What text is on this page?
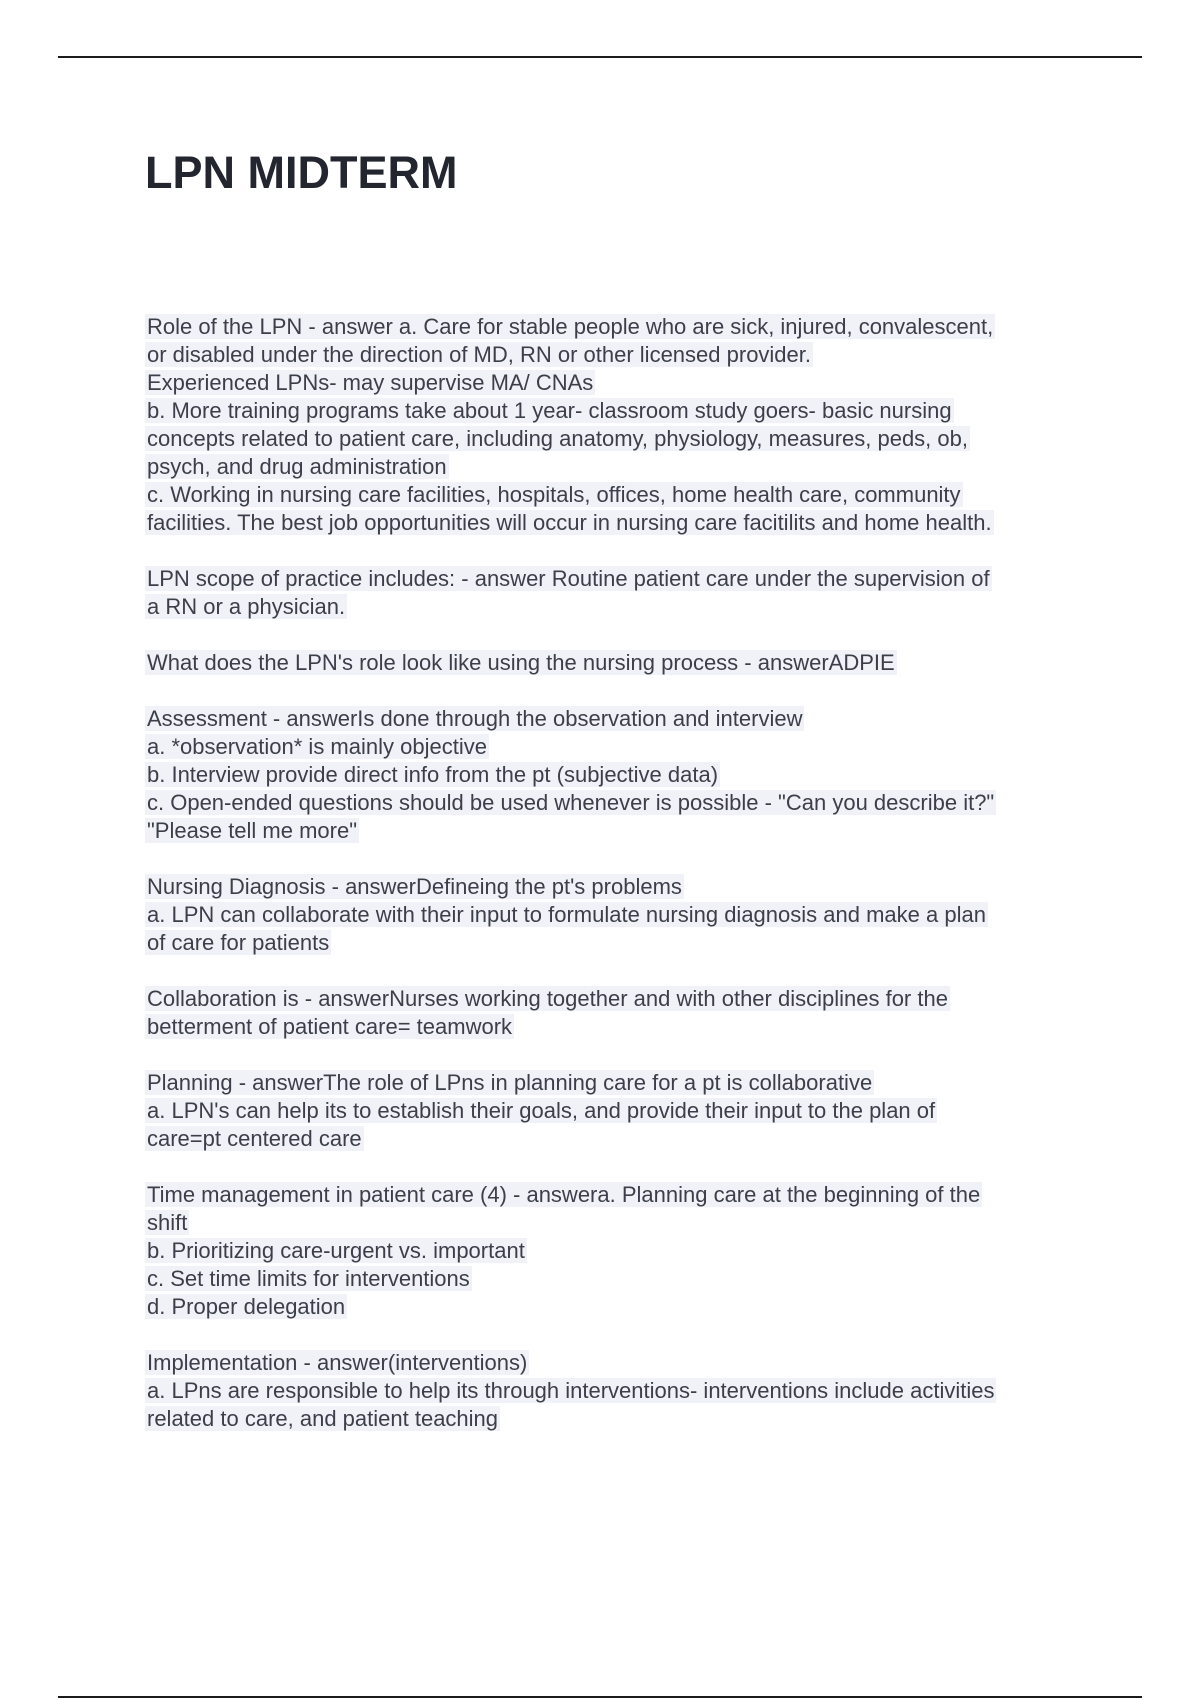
LPN MIDTERM
Role of the LPN - answer a. Care for stable people who are sick, injured, convalescent,
or disabled under the direction of MD, RN or other licensed provider.
Experienced LPNs- may supervise MA/ CNAs
b. More training programs take about 1 year- classroom study goers- basic nursing
concepts related to patient care, including anatomy, physiology, measures, peds, ob,
psych, and drug administration
c. Working in nursing care facilities, hospitals, offices, home health care, community
facilities. The best job opportunities will occur in nursing care facitilits and home health.
LPN scope of practice includes: - answer Routine patient care under the supervision of
a RN or a physician.
What does the LPN's role look like using the nursing process - answerADPIE
Assessment - answerIs done through the observation and interview
a. *observation* is mainly objective
b. Interview provide direct info from the pt (subjective data)
c. Open-ended questions should be used whenever is possible - "Can you describe it?"
"Please tell me more"
Nursing Diagnosis - answerDefineing the pt's problems
a. LPN can collaborate with their input to formulate nursing diagnosis and make a plan
of care for patients
Collaboration is - answerNurses working together and with other disciplines for the
betterment of patient care= teamwork
Planning - answerThe role of LPns in planning care for a pt is collaborative
a. LPN's can help its to establish their goals, and provide their input to the plan of
care=pt centered care
Time management in patient care (4) - answera. Planning care at the beginning of the
shift
b. Prioritizing care-urgent vs. important
c. Set time limits for interventions
d. Proper delegation
Implementation - answer(interventions)
a. LPns are responsible to help its through interventions- interventions include activities
related to care, and patient teaching
